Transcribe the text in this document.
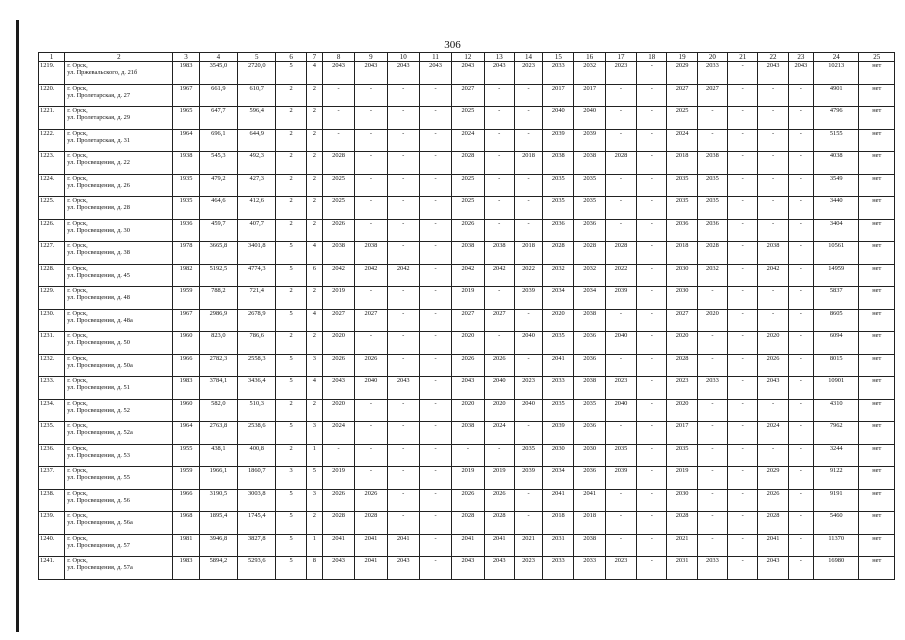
306
1	2	3	4	5	6	7	8	9	10	11	12	13	14	15	16	17	18	19	20	21	22	23	24	25
1219.	г. Орск,
ул. Пржевальского, д. 21б	1983	3545,0	2720,0	5	4	2043	2043	2043	2043	2043	2043	2023	2033	2032	2023	-	2029	2033	-	2043	2043	10213	нет
1220.	г. Орск,
ул. Пролетарская, д. 27	1967	661,9	610,7	2	2	-	-	-	-	2027	-	-	2017	2017	-	-	2027	2027	-	-	-	4901	нет
1221.	г. Орск,
ул. Пролетарская, д. 29	1965	647,7	596,4	2	2	-	-	-	-	2025	-	-	2040	2040	-	-	2025	-	-	-	-	4796	нет
1222.	г. Орск,
ул. Пролетарская, д. 31	1964	696,1	644,9	2	2	-	-	-	-	2024	-	-	2039	2039	-	-	2024	-	-	-	-	5155	нет
1223.	г. Орск,
ул. Просвещения, д. 22	1938	545,3	492,3	2	2	2028	-	-	-	2028	-	2018	2038	2038	2028	-	2018	2038	-	-	-	4038	нет
1224.	г. Орск,
ул. Просвещения, д. 26	1935	479,2	427,3	2	2	2025	-	-	-	2025	-	-	2035	2035	-	-	2035	2035	-	-	-	3549	нет
1225.	г. Орск,
ул. Просвещения, д. 28	1935	464,6	412,6	2	2	2025	-	-	-	2025	-	-	2035	2035	-	-	2035	2035	-	-	-	3440	нет
1226.	г. Орск,
ул. Просвещения, д. 30	1936	459,7	407,7	2	2	2026	-	-	-	2026	-	-	2036	2036	-	-	2036	2036	-	-	-	3404	нет
1227.	г. Орск,
ул. Просвещения, д. 38	1978	3665,8	3401,8	5	4	2038	2038	-	-	2038	2038	2018	2028	2028	2028	-	2018	2028	-	2038	-	10561	нет
1228.	г. Орск,
ул. Просвещения, д. 45	1982	5192,5	4774,3	5	6	2042	2042	2042	-	2042	2042	2022	2032	2032	2022	-	2030	2032	-	2042	-	14959	нет
1229.	г. Орск,
ул. Просвещения, д. 48	1959	788,2	721,4	2	2	2019	-	-	-	2019	-	2039	2034	2034	2039	-	2030	-	-	-	-	5837	нет
1230.	г. Орск,
ул. Просвещения, д. 48а	1967	2986,9	2678,9	5	4	2027	2027	-	-	2027	2027	-	2020	2038	-	-	2027	2020	-	-	-	8605	нет
1231.	г. Орск,
ул. Просвещения, д. 50	1960	823,0	786,6	2	2	2020	-	-	-	2020	-	2040	2035	2036	2040	-	2020	-	-	2020	-	6094	нет
1232.	г. Орск,
ул. Просвещения, д. 50а	1966	2782,3	2558,3	5	3	2026	2026	-	-	2026	2026	-	2041	2036	-	-	2028	-	-	2026	-	8015	нет
1233.	г. Орск,
ул. Просвещения, д. 51	1983	3784,1	3436,4	5	4	2043	2040	2043	-	2043	2040	2023	2033	2038	2023	-	2023	2033	-	2043	-	10901	нет
1234.	г. Орск,
ул. Просвещения, д. 52	1960	582,0	510,3	2	2	2020	-	-	-	2020	2020	2040	2035	2035	2040	-	2020	-	-	-	-	4310	нет
1235.	г. Орск,
ул. Просвещения, д. 52а	1964	2763,8	2538,6	5	3	2024	-	-	-	2038	2024	-	2039	2036	-	-	2017	-	-	2024	-	7962	нет
1236.	г. Орск,
ул. Просвещения, д. 53	1955	438,1	400,8	2	1	-	-	-	-	-	-	2035	2030	2030	2035	-	2035	-	-	-	-	3244	нет
1237.	г. Орск,
ул. Просвещения, д. 55	1959	1966,1	1860,7	3	5	2019	-	-	-	2019	2019	2039	2034	2036	2039	-	2019	-	-	2029	-	9122	нет
1238.	г. Орск,
ул. Просвещения, д. 56	1966	3190,5	3003,8	5	3	2026	2026	-	-	2026	2026	-	2041	2041	-	-	2030	-	-	2026	-	9191	нет
1239.	г. Орск,
ул. Просвещения, д. 56а	1968	1895,4	1745,4	5	2	2028	2028	-	-	2028	2028	-	2018	2018	-	-	2028	-	-	2028	-	5460	нет
1240.	г. Орск,
ул. Просвещения, д. 57	1981	3946,8	3827,8	5	1	2041	2041	2041	-	2041	2041	2021	2031	2038	-	-	2021	-	-	2041	-	11370	нет
1241.	г. Орск,
ул. Просвещения, д. 57а	1983	5894,2	5293,6	5	8	2043	2041	2043	-	2043	2043	2023	2033	2033	2023	-	2031	2033	-	2043	-	16980	нет
